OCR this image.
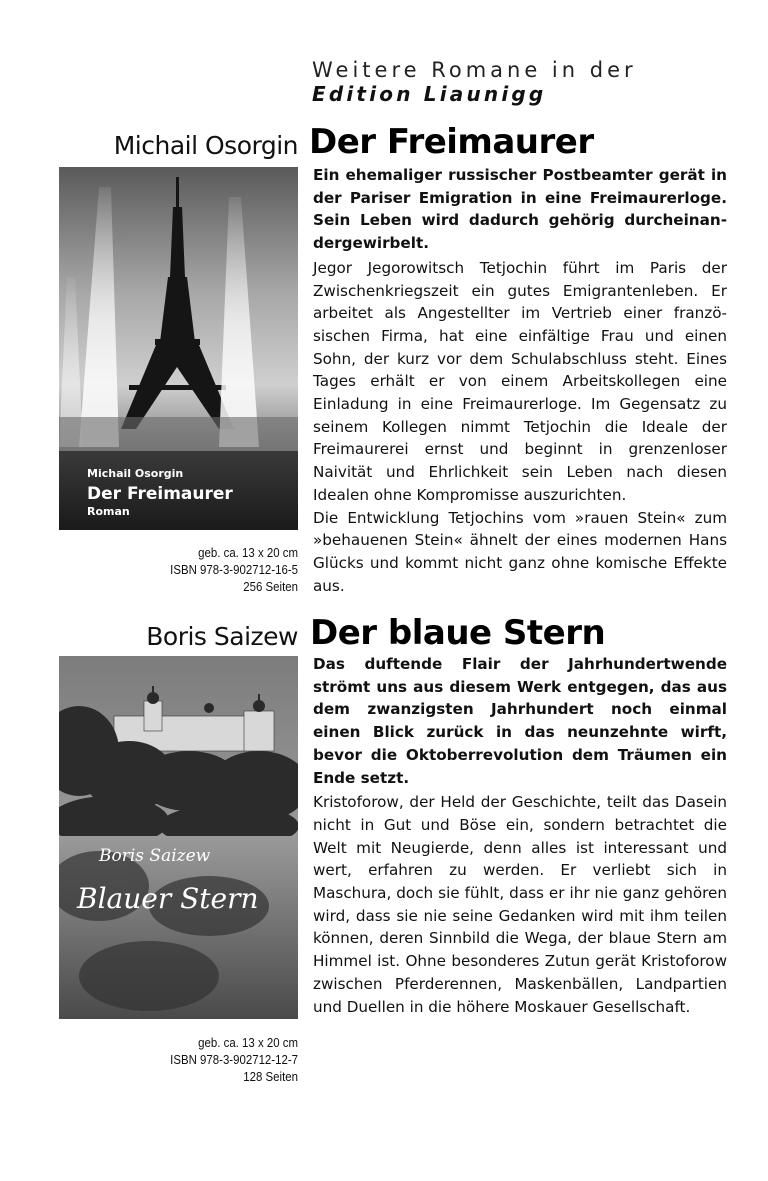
Weitere Romane in der
Edition Liaunigg
Michail Osorgin Der Freimaurer
Michail Osorgin
Der Freimaurer
Roman
geb. ca. 13 x 20 cm
ISBN 978-3-902712-16-5
256 Seiten

Ein ehemaliger russischer Postbeamter gerät in der Pariser Emigration in eine Freimaurerloge. Sein Leben wird dadurch gehörig durcheinandergewirbelt.

Jegor Jegorowitsch Tetjochin führt im Paris der Zwischenkriegszeit ein gutes Emigrantenleben. Er arbeitet als Angestellter im Vertrieb einer französischen Firma, hat eine einfältige Frau und einen Sohn, der kurz vor dem Schulabschluss steht. Eines Tages erhält er von einem Arbeitskollegen eine Einladung in eine Freimaurerloge. Im Gegensatz zu seinem Kollegen nimmt Tetjochin die Ideale der Freimaurerei ernst und beginnt in grenzenloser Naivität und Ehrlichkeit sein Leben nach diesen Idealen ohne Kompromisse auszurichten.

Die Entwicklung Tetjochins vom »rauen Stein« zum »behauenen Stein« ähnelt der eines modernen Hans Glücks und kommt nicht ganz ohne komische Effekte aus.

Boris Saizew Der blaue Stern
Boris Saizew
Blauer Stern
geb. ca. 13 x 20 cm
ISBN 978-3-902712-12-7
128 Seiten

Das duftende Flair der Jahrhundertwende strömt uns aus diesem Werk entgegen, das aus dem zwanzigsten Jahrhundert noch einmal einen Blick zurück in das neunzehnte wirft, bevor die Oktoberrevolution dem Träumen ein Ende setzt.

Kristoforow, der Held der Geschichte, teilt das Dasein nicht in Gut und Böse ein, sondern betrachtet die Welt mit Neugierde, denn alles ist interessant und wert, erfahren zu werden. Er verliebt sich in Maschura, doch sie fühlt, dass er ihr nie ganz gehören wird, dass sie nie seine Gedanken wird mit ihm teilen können, deren Sinnbild die Wega, der blaue Stern am Himmel ist. Ohne besonderes Zutun gerät Kristoforow zwischen Pferderennen, Maskenbällen, Landpartien und Duellen in die höhere Moskauer Gesellschaft.
